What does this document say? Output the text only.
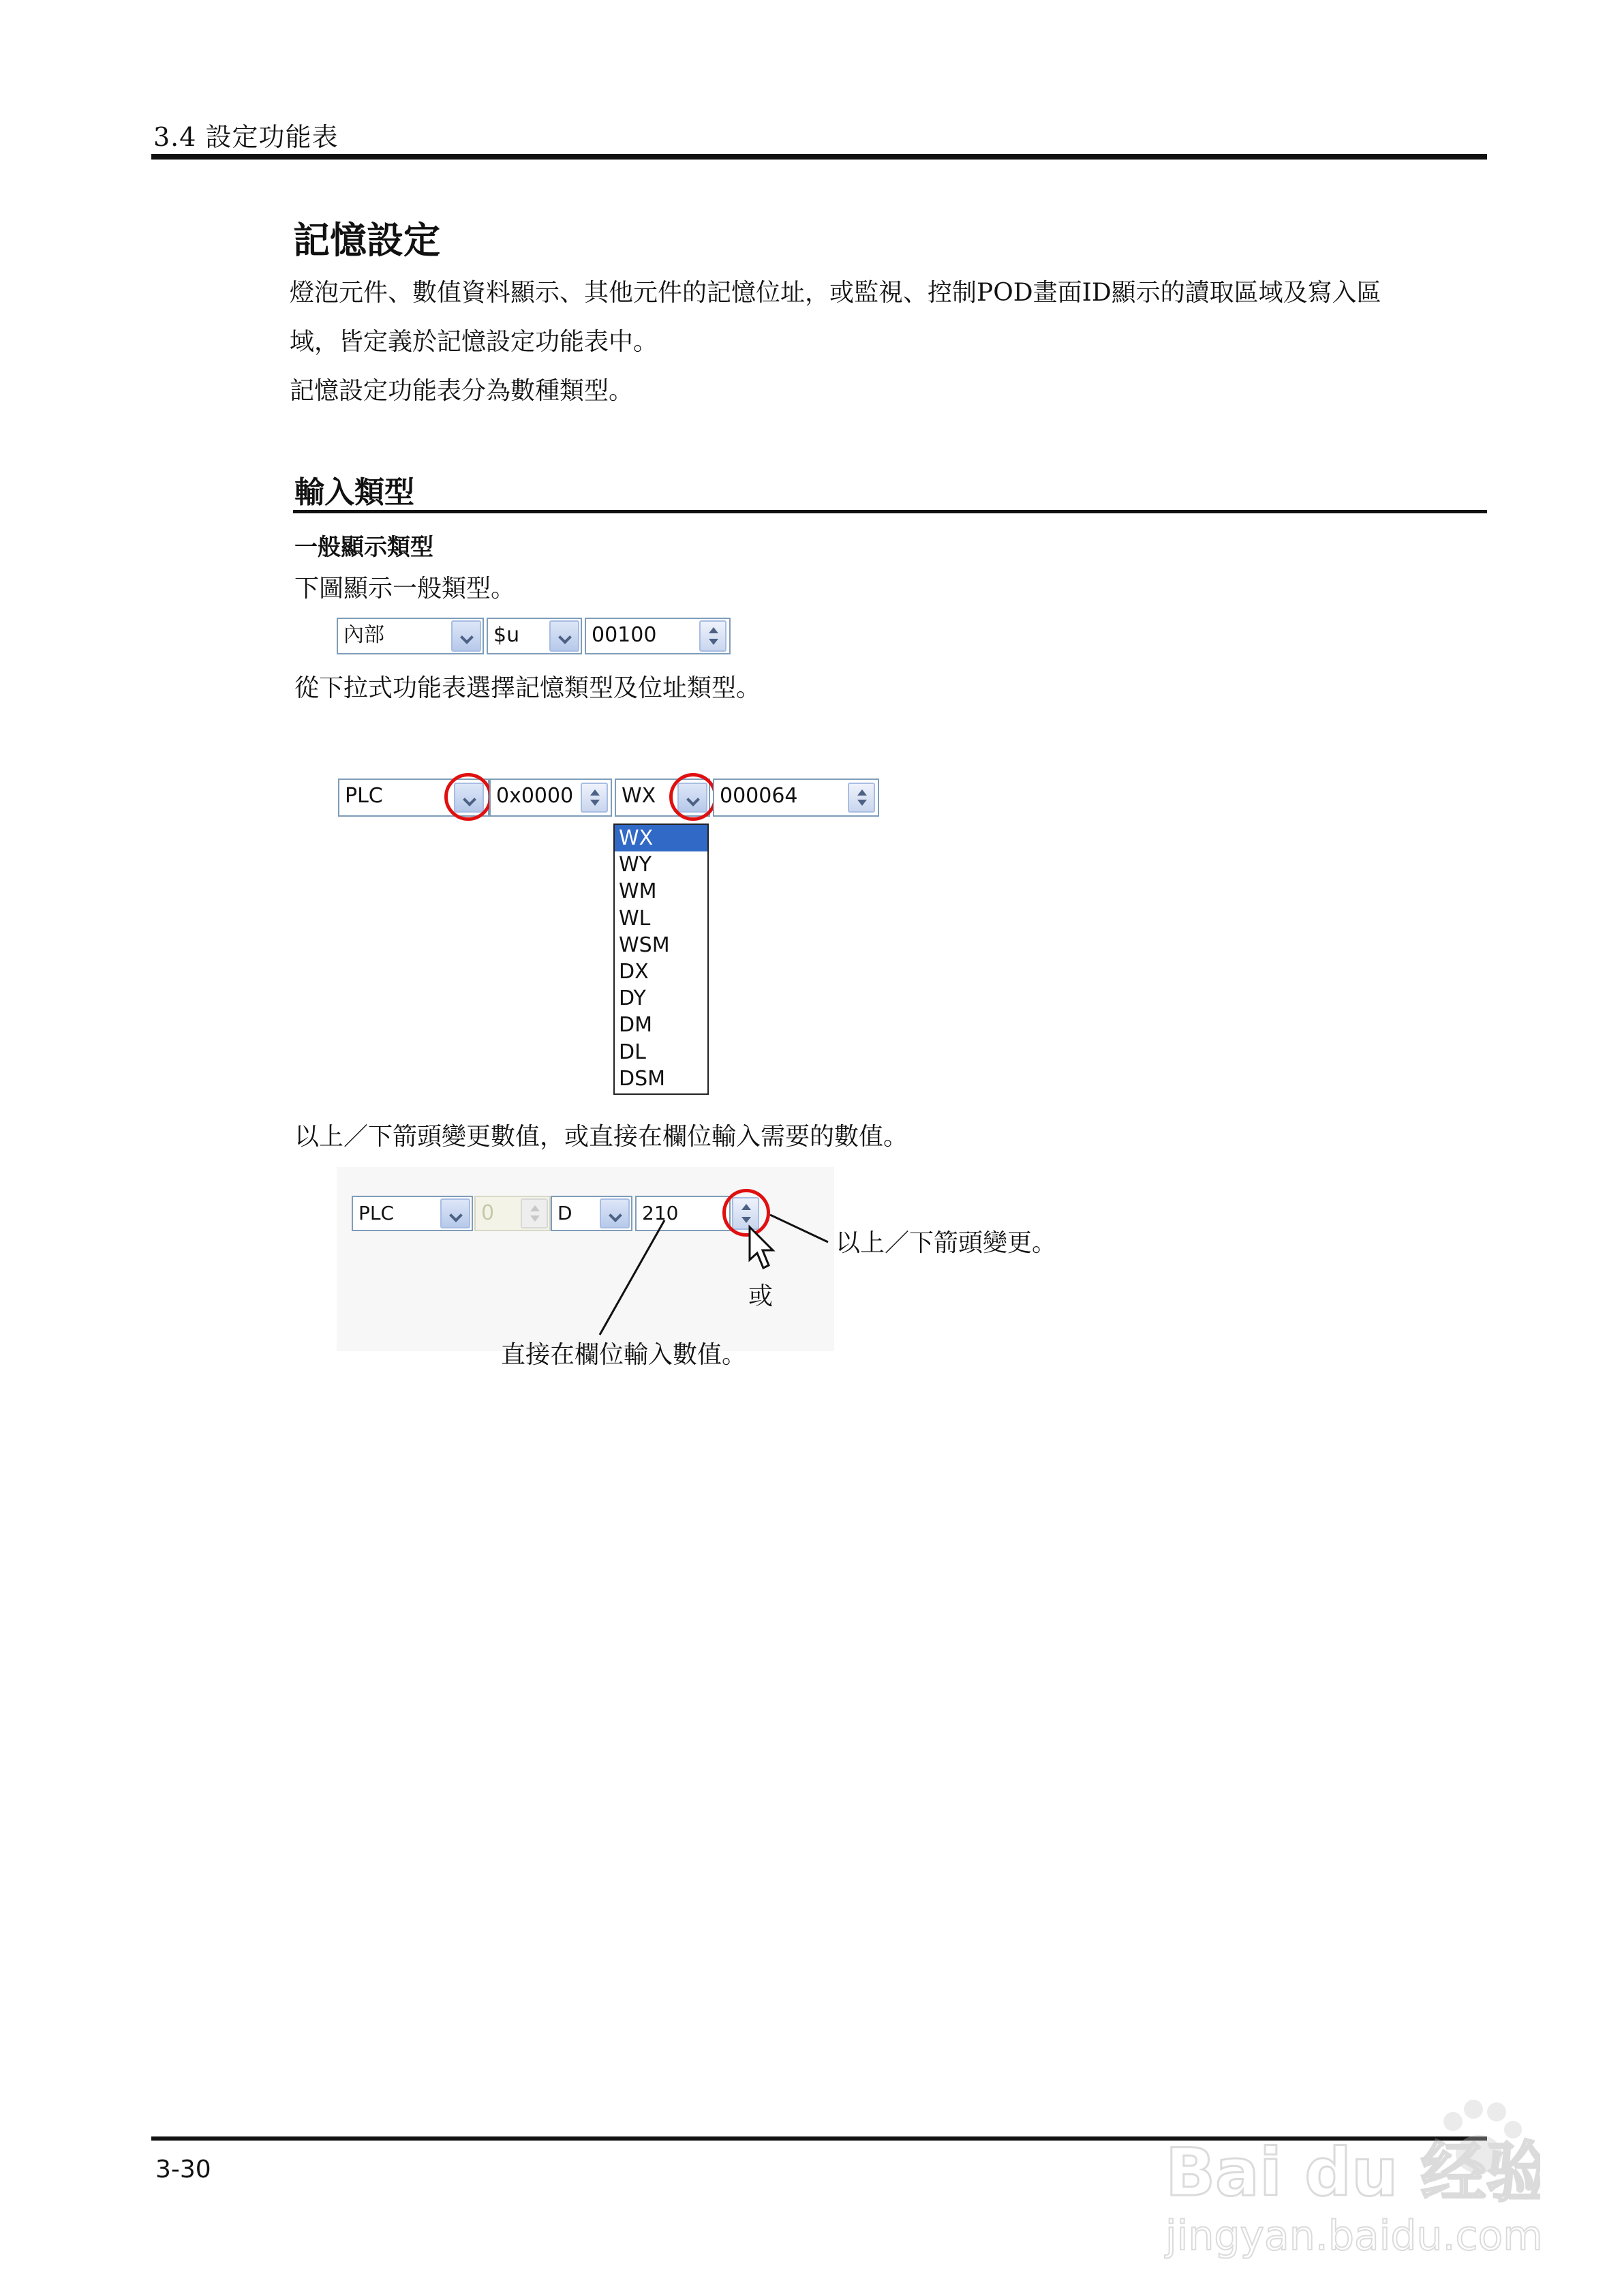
3.4 設定功能表
記憶設定
燈泡元件、數值資料顯示、其他元件的記憶位址，或監視、控制POD畫面ID顯示的讀取區域及寫入區
域，皆定義於記憶設定功能表中。
記憶設定功能表分為數種類型。
輸入類型
一般顯示類型
下圖顯示一般類型。
內部	$u	00100
從下拉式功能表選擇記憶類型及位址類型。
PLC	0x0000	WX	000064
WX
WY
WM
WL
WSM
DX
DY
DM
DL
DSM
以上／下箭頭變更數值，或直接在欄位輸入需要的數值。
PLC	0	D	210
以上／下箭頭變更。
或
直接在欄位輸入數值。
3-30	Bai du 经验
jingyan.baidu.com
